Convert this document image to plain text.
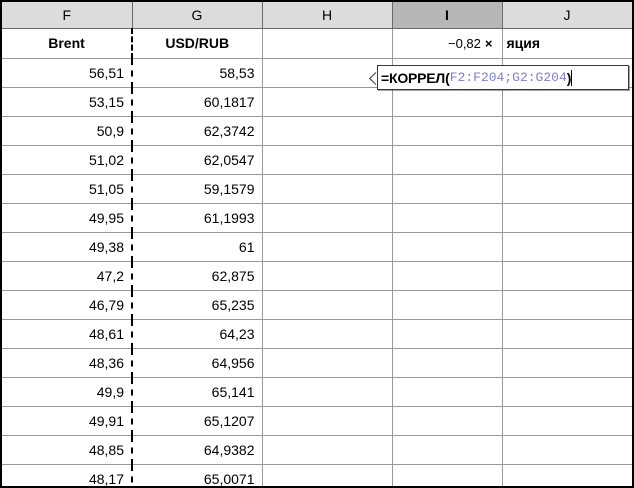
F	G	H	I	J
Brent	USD/RUB		−0,82 ×	яция

56,51	58,53			
53,15	60,1817			
50,9	62,3742			
51,02	62,0547			
51,05	59,1579			
49,95	61,1993			
49,38	61			
47,2	62,875			
46,79	65,235			
48,61	64,23			
48,36	64,956			
49,9	65,141			
49,91	65,1207			
48,85	64,9382			
48,17	65,0071			

=КОРРЕЛ ( F2:F204;G2:G204 )
